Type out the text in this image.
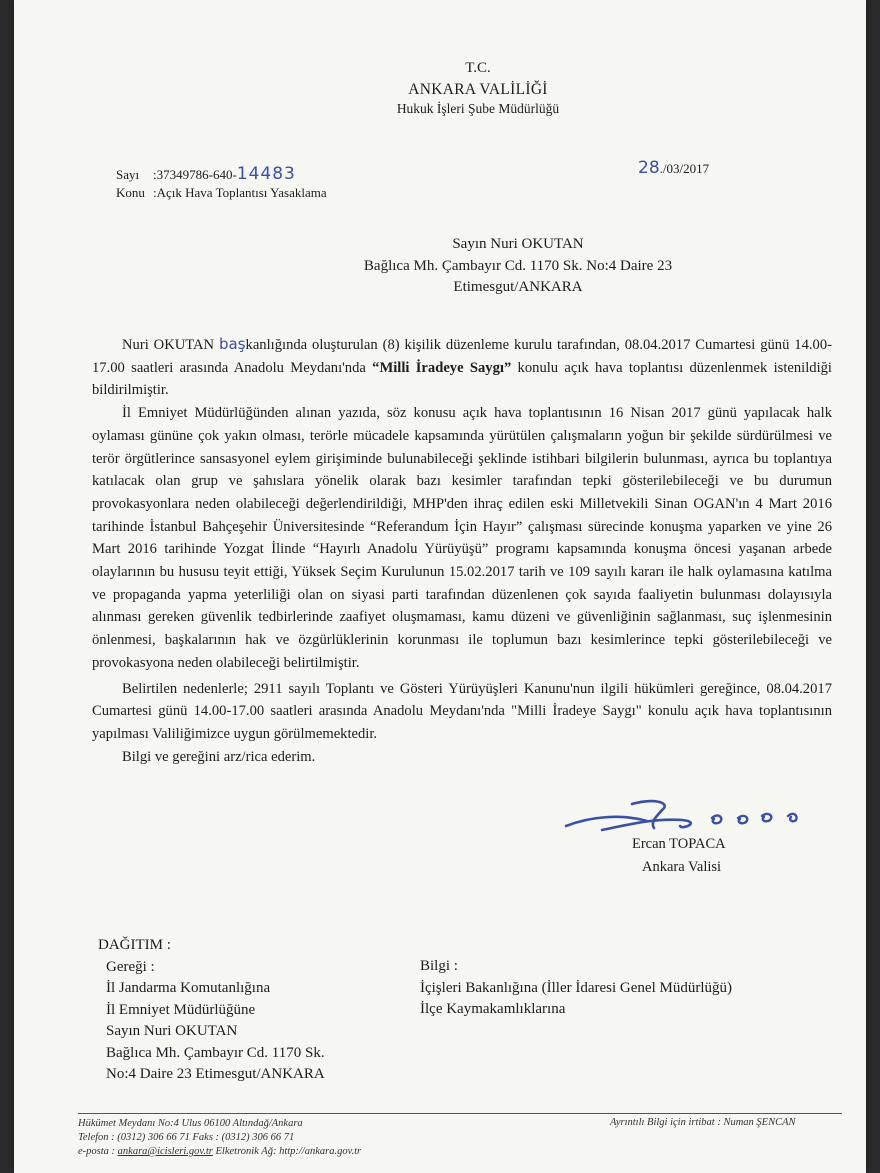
T.C.
ANKARA VALİLİĞİ
Hukuk İşleri Şube Müdürlüğü
Sayı :37349786-640-14483	28./03/2017
Konu :Açık Hava Toplantısı Yasaklama
Sayın Nuri OKUTAN
Bağlıca Mh. Çambayır Cd. 1170 Sk. No:4 Daire 23
Etimesgut/ANKARA

Nuri OKUTAN başkanlığında oluşturulan (8) kişilik düzenleme kurulu tarafından, 08.04.2017 Cumartesi günü 14.00-17.00 saatleri arasında Anadolu Meydanı'nda “Milli İradeye Saygı” konulu açık hava toplantısı düzenlenmek istenildiği bildirilmiştir.

İl Emniyet Müdürlüğünden alınan yazıda, söz konusu açık hava toplantısının 16 Nisan 2017 günü yapılacak halk oylaması gününe çok yakın olması, terörle mücadele kapsamında yürütülen çalışmaların yoğun bir şekilde sürdürülmesi ve terör örgütlerince sansasyonel eylem girişiminde bulunabileceği şeklinde istihbari bilgilerin bulunması, ayrıca bu toplantıya katılacak olan grup ve şahıslara yönelik olarak bazı kesimler tarafından tepki gösterilebileceği ve bu durumun provokasyonlara neden olabileceği değerlendirildiği, MHP'den ihraç edilen eski Milletvekili Sinan OGAN'ın 4 Mart 2016 tarihinde İstanbul Bahçeşehir Üniversitesinde “Referandum İçin Hayır” çalışması sürecinde konuşma yaparken ve yine 26 Mart 2016 tarihinde Yozgat İlinde “Hayırlı Anadolu Yürüyüşü” programı kapsamında konuşma öncesi yaşanan arbede olaylarının bu hususu teyit ettiği, Yüksek Seçim Kurulunun 15.02.2017 tarih ve 109 sayılı kararı ile halk oylamasına katılma ve propaganda yapma yeterliliği olan on siyasi parti tarafından düzenlenen çok sayıda faaliyetin bulunması dolayısıyla alınması gereken güvenlik tedbirlerinde zaafiyet oluşmaması, kamu düzeni ve güvenliğinin sağlanması, suç işlenmesinin önlenmesi, başkalarının hak ve özgürlüklerinin korunması ile toplumun bazı kesimlerince tepki gösterilebileceği ve provokasyona neden olabileceği belirtilmiştir.

Belirtilen nedenlerle; 2911 sayılı Toplantı ve Gösteri Yürüyüşleri Kanunu'nun ilgili hükümleri gereğince, 08.04.2017 Cumartesi günü 14.00-17.00 saatleri arasında Anadolu Meydanı'nda "Milli İradeye Saygı" konulu açık hava toplantısının yapılması Valiliğimizce uygun görülmemektedir.

Bilgi ve gereğini arz/rica ederim.

Ercan TOPACA
Ankara Valisi
DAĞITIM :
Gereği :
İl Jandarma Komutanlığına
İl Emniyet Müdürlüğüne
Sayın Nuri OKUTAN
Bağlıca Mh. Çambayır Cd. 1170 Sk.
No:4 Daire 23 Etimesgut/ANKARA
Bilgi :
İçişleri Bakanlığına (İller İdaresi Genel Müdürlüğü)
İlçe Kaymakamlıklarına
Hükümet Meydanı No:4 Ulus 06100 Altındağ/Ankara
Telefon : (0312) 306 66 71 Faks : (0312) 306 66 71
e-posta : ankara@icisleri.gov.tr Elketronik Ağ: http://ankara.gov.tr
Ayrıntılı Bilgi için irtibat : Numan ŞENCAN
